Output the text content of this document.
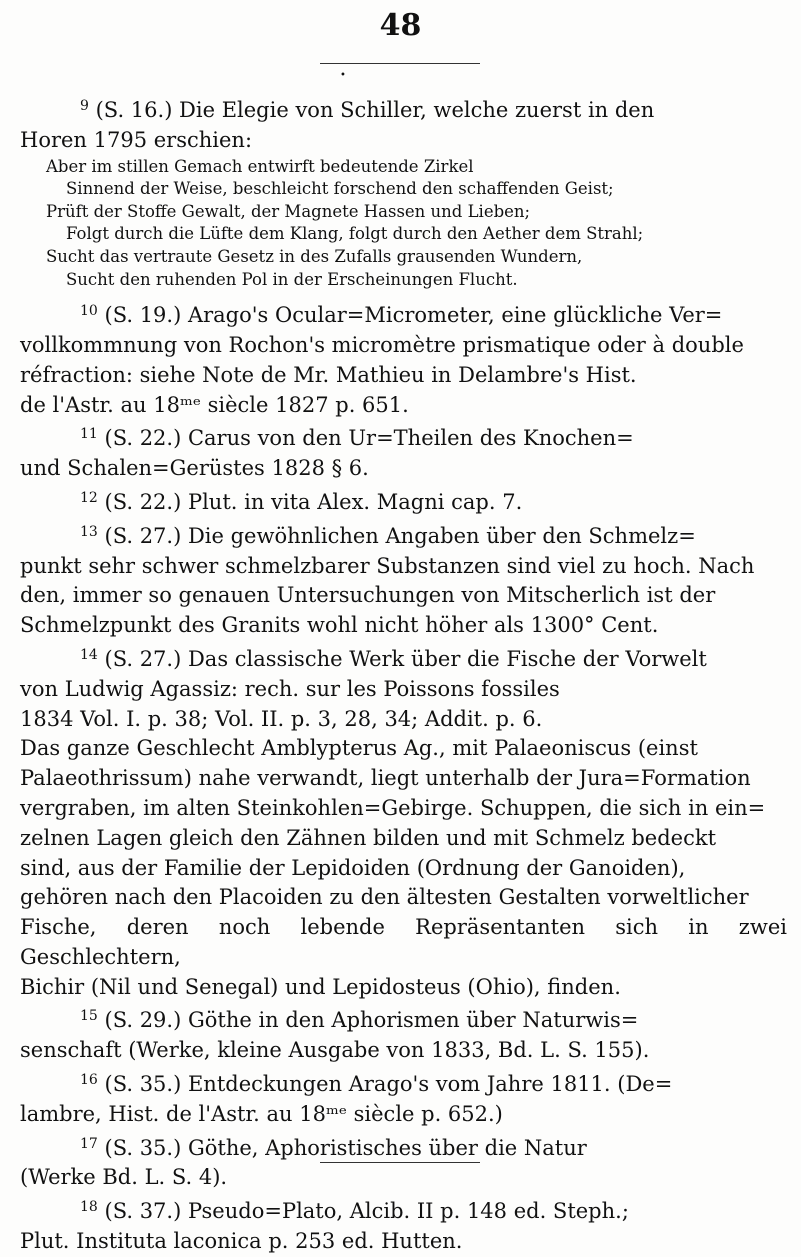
48
•

$^9$ (S. 16.) Die Elegie von Schiller, welche zuerst in den
Horen 1795 erschien:

Aber im stillen Gemach entwirft bedeutende Zirkel
Sinnend der Weise, beschleicht forschend den schaffenden Geist;
Prüft der Stoffe Gewalt, der Magnete Hassen und Lieben;
Folgt durch die Lüfte dem Klang, folgt durch den Aether dem Strahl;
Sucht das vertraute Gesetz in des Zufalls grausenden Wundern,
Sucht den ruhenden Pol in der Erscheinungen Flucht.

$^{10}$ (S. 19.) Arago's Ocular=Micrometer, eine glückliche Ver=
vollkommnung von Rochon's micromètre prismatique oder à double
réfraction: siehe Note de Mr. Mathieu in Delambre's Hist.
de l'Astr. au 18ᵐᵉ siècle 1827 p. 651.

$^{11}$ (S. 22.) Carus von den Ur=Theilen des Knochen=
und Schalen=Gerüstes 1828 § 6.

$^{12}$ (S. 22.) Plut. in vita Alex. Magni cap. 7.

$^{13}$ (S. 27.) Die gewöhnlichen Angaben über den Schmelz=
punkt sehr schwer schmelzbarer Substanzen sind viel zu hoch. Nach
den, immer so genauen Untersuchungen von Mitscherlich ist der
Schmelzpunkt des Granits wohl nicht höher als 1300° Cent.

$^{14}$ (S. 27.) Das classische Werk über die Fische der Vorwelt
von Ludwig Agassiz: rech. sur les Poissons fossiles
1834 Vol. I. p. 38; Vol. II. p. 3, 28, 34; Addit. p. 6.
Das ganze Geschlecht Amblypterus Ag., mit Palaeoniscus (einst
Palaeothrissum) nahe verwandt, liegt unterhalb der Jura=Formation
vergraben, im alten Steinkohlen=Gebirge. Schuppen, die sich in ein=
zelnen Lagen gleich den Zähnen bilden und mit Schmelz bedeckt
sind, aus der Familie der Lepidoiden (Ordnung der Ganoiden),
gehören nach den Placoiden zu den ältesten Gestalten vorweltlicher
Fische, deren noch lebende Repräsentanten sich in zwei Geschlechtern,
Bichir (Nil und Senegal) und Lepidosteus (Ohio), finden.

$^{15}$ (S. 29.) Göthe in den Aphorismen über Naturwis=
senschaft (Werke, kleine Ausgabe von 1833, Bd. L. S. 155).

$^{16}$ (S. 35.) Entdeckungen Arago's vom Jahre 1811. (De=
lambre, Hist. de l'Astr. au 18ᵐᵉ siècle p. 652.)

$^{17}$ (S. 35.) Göthe, Aphoristisches über die Natur
(Werke Bd. L. S. 4).

$^{18}$ (S. 37.) Pseudo=Plato, Alcib. II p. 148 ed. Steph.;
Plut. Instituta laconica p. 253 ed. Hutten.
